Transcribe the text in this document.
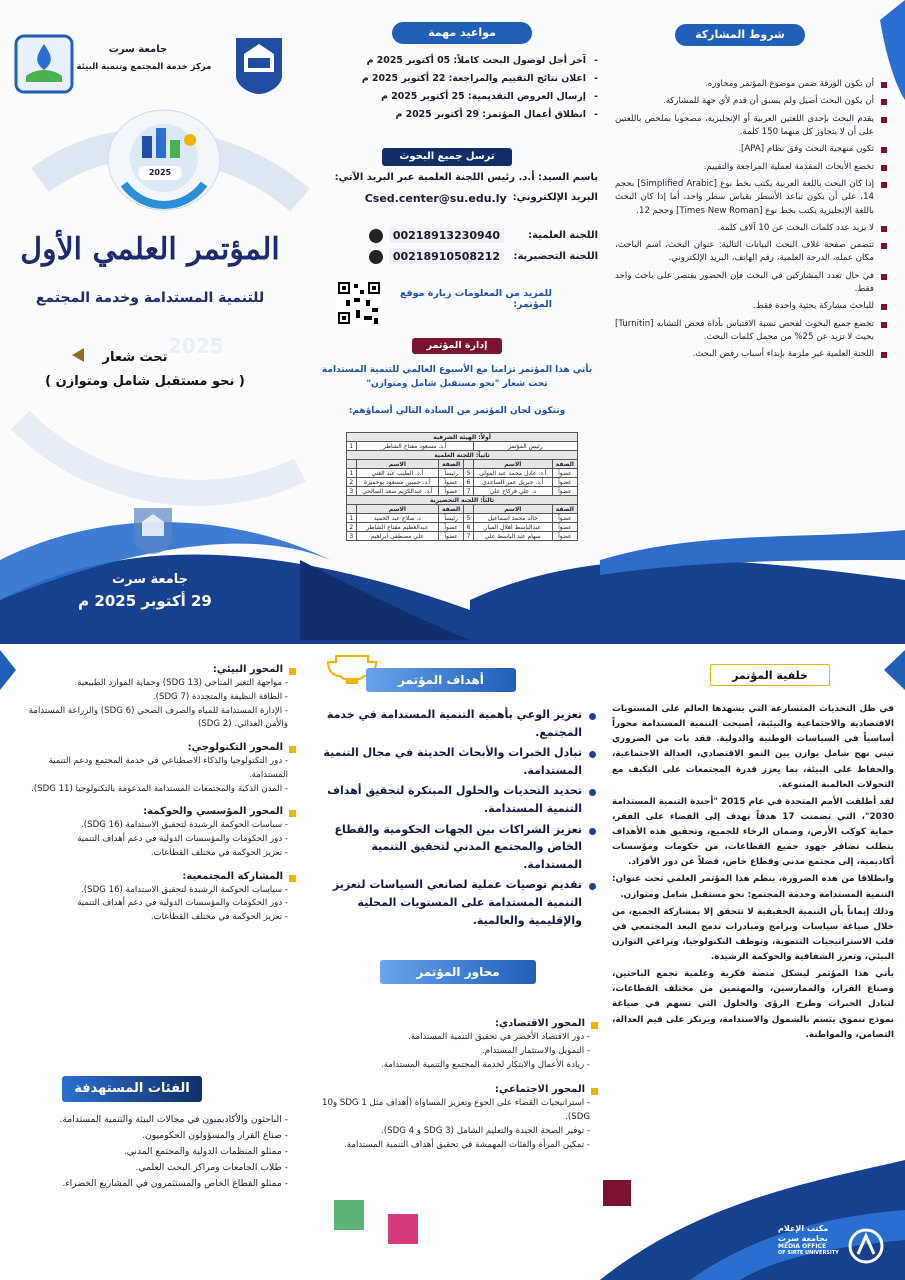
شروط المشاركة
أن تكون الورقة ضمن موضوع المؤتمر ومحاوره.
أن يكون البحث أصيل ولم يسبق أن قدم لأي جهة للمشاركة.
يقدم البحث بإحدى اللغتين العربية أو الإنجليزية، مصحوبا بملخص باللغتين على أن لا يتجاوز كل منهما 150 كلمة.
تكون منهجية البحث وفق نظام [APA].
تخضع الأبحاث المقدمة لعملية المراجعة والتقييم.
إذا كان البحث باللغة العربية يكتب بخط نوع [Simplified Arabic] بحجم 14، على أن يكون تباعد الأسطر بقياس سطر واحد، أما إذا كان البحث باللغة الإنجليزية يكتب بخط نوع [Times New Roman] وحجم 12.
لا يزيد عدد كلمات البحث عن 10 آلاف كلمة.
تتضمن صفحة غلاف البحث البيانات التالية: عنوان البحث، اسم الباحث، مكان عمله، الدرجة العلمية، رقم الهاتف، البريد الإلكتروني.
في حال تعدد المشاركين في البحث فإن الحضور يقتصر على باحث واحد فقط.
للباحث مشاركة بحثية واحدة فقط.
تخضع جميع البحوث لفحص نسبة الاقتباس بأداة فحص التشابه [Turnitin] بحيث لا تزيد عن 25% من مجمل كلمات البحث.
اللجنة العلمية غير ملزمة بإبداء أسباب رفض البحث.
مواعيد مهمة
- آخر أجل لوصول البحث كاملاً: 05 أكتوبر 2025 م
- اعلان نتائج التقييم والمراجعة: 22 أكتوبر 2025 م
- إرسال العروض التقديمية: 25 أكتوبر 2025 م
- انطلاق أعمال المؤتمر: 29 أكتوبر 2025 م
ترسل جميع البحوث
باسم السيد: أ.د. رئيس اللجنة العلمية عبر البريد الآتي:
البريد الإلكتروني:
Csed.center@su.edu.ly
اللجنة العلمية:
00218913230940
اللجنة التحضيرية:
00218910508212
للمزيد من المعلومات زيارة موقع المؤتمر:
إدارة المؤتمر
يأتي هذا المؤتمر تزامنا مع الأسبوع العالمي للتنمية المستدامة تحت شعار "نحو مستقبل شامل ومتوازن"
وتتكون لجان المؤتمر من السادة التالي أسماؤهم:
أولاً: الهيئة الشرفية					
رئيس المؤتمر		أ.د. مسعود مفتاح الشاطر			1
ثانياً: اللجنة العلمية					
الصفة	الاسم		الصفة	الاسم	
عضواً	أ.د. عادل محمد عبد المولى	5	رئيساً	أ.د. الطيب عبد الغني	1
عضواً	أ.د. جبريل عمر الساعدي	6	عضواً	أ.د. حسين مسعود بوحميرة	2
عضواً	د. علي فركاح علي	7	عضواً	أ.د. عبدالكريم سعد الصالحي	3
ثالثاً: اللجنة التحضيرية					
الصفة	الاسم		الصفة	الاسم	
عضواً	خالد محمد اسماعيل	5	رئيساً	د. صلاح عبد الحميد	1
عضواً	عبدالباسط اهلال الميار	6	عضواً	عبدالعظيم مفتاح الشاطر	2
عضواً	سهام عبد الباسط علي	7	عضواً	علي مصطفى ابراهيم	3
جامعة سرت
مركز خدمة المجتمع وتنمية البيئة
2025
المؤتمر العلمي الأول
للتنمية المستدامة وخدمة المجتمع
2025
تحت شعار
( نحو مستقبل شامل ومتوازن )
جامعة سرت
29 أكتوبر 2025 م
خلفية المؤتمر

في ظل التحديات المتسارعة التي يشهدها العالم على المستويات الاقتصادية والاجتماعية والبيئية، أصبحت التنمية المستدامة محوراً أساسياً في السياسات الوطنية والدولية. فقد بات من الضروري تبني نهج شامل يوازن بين النمو الاقتصادي، العدالة الاجتماعية، والحفاظ على البيئة، بما يعزز قدرة المجتمعات على التكيف مع التحولات العالمية المتنوعة.

لقد أطلقت الأمم المتحدة في عام 2015 "أجندة التنمية المستدامة 2030"، التي تضمنت 17 هدفاً تهدف إلى القضاء على الفقر، حماية كوكب الأرض، وضمان الرخاء للجميع، وتحقيق هذه الأهداف يتطلب تضافر جهود جميع القطاعات، من حكومات ومؤسسات أكاديمية، إلى مجتمع مدني وقطاع خاص، فضلاً عن دور الأفراد.

وانطلاقا من هذه الضرورة، ينظم هذا المؤتمر العلمي تحت عنوان: التنمية المستدامة وخدمة المجتمع: نحو مستقبل شامل ومتوازن.

وذلك إيماناً بأن التنمية الحقيقية لا تتحقق إلا بمشاركة الجميع، من خلال صياغة سياسات وبرامج ومبادرات تدمج البعد المجتمعي في قلب الاستراتيجيات التنموية، وتوظف التكنولوجيا، وتراعي التوازن البيئي، وتعزز الشفافية والحوكمة الرشيدة.

يأتي هذا المؤتمر ليشكل منصة فكرية وعلمية تجمع الباحثين، وصناع القرار، والممارسين، والمهتمين من مختلف القطاعات، لتبادل الخبرات وطرح الرؤى والحلول التي تسهم في صياغة نموذج تنموي يتسم بالشمول والاستدامة، ويرتكز على قيم العدالة، التضامن، والمواطنة.

مكتب الإعلام
بجامعة سرت
MEDIA OFFICE
OF SIRTE UNIVERSITY
أهداف المؤتمر
تعزيز الوعي بأهمية التنمية المستدامة في خدمة المجتمع.
تبادل الخبرات والأبحاث الحديثة في مجال التنمية المستدامة.
تحديد التحديات والحلول المبتكرة لتحقيق أهداف التنمية المستدامة.
تعزيز الشراكات بين الجهات الحكومية والقطاع الخاص والمجتمع المدني لتحقيق التنمية المستدامة.
تقديم توصيات عملية لصانعي السياسات لتعزيز التنمية المستدامة على المستويات المحلية والإقليمية والعالمية.
محاور المؤتمر
المحور الاقتصادي:
- دور الاقتصاد الأخضر في تحقيق التنمية المستدامة.
- التمويل والاستثمار المستدام.
- ريادة الأعمال والابتكار لخدمة المجتمع والتنمية المستدامة.
المحور الاجتماعي:
- استراتيجيات القضاء على الجوع وتعزيز المساواة (أهداف مثل SDG 1 و10 SDG).
- توفير الصحة الجيدة والتعليم الشامل (SDG 3 و SDG 4).
- تمكين المرأة والفئات المهمشة في تحقيق أهداف التنمية المستدامة.
المحور البيئي:
- مواجهة التغير المناخي (SDG 13) وحماية الموارد الطبيعية.
- الطاقة النظيفة والمتجددة (SDG 7).
- الإدارة المستدامة للمياه والصرف الصحي (SDG 6) والزراعة المستدامة والأمن الغذائي. (SDG 2)
المحور التكنولوجي:
- دور التكنولوجيا والذكاء الاصطناعي في خدمة المجتمع ودعم التنمية المستدامة.
- المدن الذكية والمجتمعات المستدامة المدعومة بالتكنولوجيا (SDG 11).
المحور المؤسسي والحوكمة:
- سياسات الحوكمة الرشيدة لتحقيق الاستدامة (SDG 16).
- دور الحكومات والمؤسسات الدولية في دعم أهداف التنمية
- تعزيز الحوكمة في مختلف القطاعات.
المشاركة المجتمعية:
- سياسات الحوكمة الرشيدة لتحقيق الاستدامة (SDG 16).
- دور الحكومات والمؤسسات الدولية في دعم أهداف التنمية
- تعزيز الحوكمة في مختلف القطاعات.
الفئات المستهدفة
- الباحثون والأكاديميون في مجالات البيئة والتنمية المستدامة.
- صناع القرار والمسؤولون الحكوميون.
- ممثلو المنظمات الدولية والمجتمع المدني.
- طلاب الجامعات ومراكز البحث العلمي.
- ممثلو القطاع الخاص والمستثمرون في المشاريع الخضراء.
